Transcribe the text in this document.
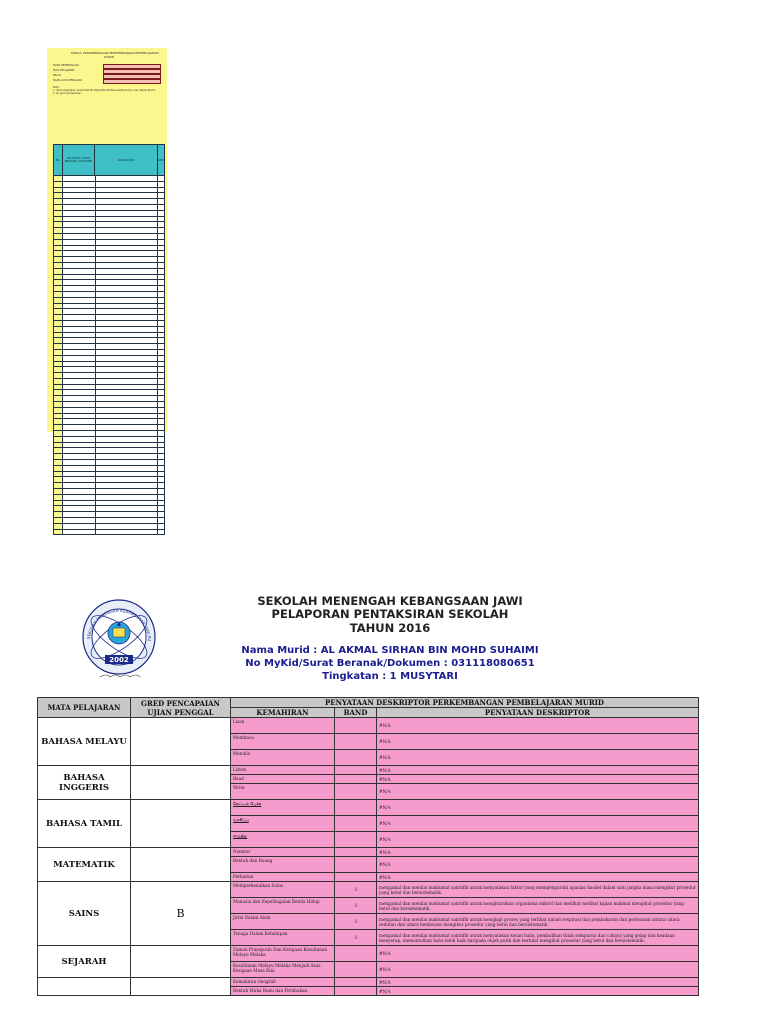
MODUL PERKEMBANGAN PERKEMBANGAN PEMBELAJARAN
MURID
NAMA PEPERIKSAAN
MATA PELAJARAN
KELAS
NAMA GURU PENGAJAR
Nota:
1. Sila lengkapkan maklumat No MyKid/Surat Beranak/Dokumen dan Nama Murid.
2. Isi gred pentaksiran.
BIL	NO MYKID / SURAT BERANAK / DOKUMEN	NAMA MURID	GRED
2002
SEKOLAH MENENGAH KEBANGSAAN JAWI PU
SEKOLAH MENENGAH KEBANGSAAN JAWI
PELAPORAN PENTAKSIRAN SEKOLAH
TAHUN 2016
Nama Murid : AL AKMAL SIRHAN BIN MOHD SUHAIMI
No MyKid/Surat Beranak/Dokumen : 031118080651
Tingkatan : 1 MUSYTARI
MATA PELAJARAN	GRED PENCAPAIAN UJIAN PENGGAL	PENYATAAN DESKRIPTOR PERKEMBANGAN PEMBELAJARAN MURID		
		KEMAHIRAN	BAND	PENYATAAN DESKRIPTOR
BAHASA MELAYU		Lisan		#N/A
		Membaca		#N/A
		Menulis		#N/A
BAHASA INGGERIS		Listen		#N/A
		Read		#N/A
		Write		#N/A
BAHASA TAMIL		கேட்டல் பேச்சு		#N/A
		வாசிப்பு		#N/A
		எழுத்து		#N/A
MATEMATIK		Nombor		#N/A
		Bentuk dan Ruang		#N/A
		Perkaitan		#N/A
SAINS	B	Memperkenalkan Sains	3	mengamal dan menilai maklumat saintifik untuk menyatakan faktor yang mempengaruhi apasian hasilel dalam satu jangka masa mengikut prosedur yang betul dan bersistematik.
		Manusia dan Kepelbagaian Benda Hidup	3	mengamal dan menilai maklumat saintifik untuk menghuraikan organisma mikrof dan meilihat melihat kajian makmal mengikut prosedur yang betul dan bersistematik.
		Jirim Dalam Alam	3	mengamal dan menilai maklumat saintifik untuk mengkaji proses yang terlibat dalam respirasi dan pembakaran dan perbezaan antara udara sedutan dan udara hembusan mengikut prosedur yang betul dan bersistematik.
		Tenaga Dalam Kehidupan	3	mengamal dan menilai maklumat saintifik untuk menyatakan kesan haba, pembalikan tidak sempurna dan cahaya yang gelap dan keadaan menyerap, memantulkan haba lebih baik daripada objek putih dan berkilat mengikut prosedur yang betul dan bersistematik.
SEJARAH		Zaman Prasejarah Dan Kerajaan Kesultanan Melayu Melaka		#N/A
		Kesultanan Melayu Melaka Menjadi Asas Kerajaan Masa Kini		#N/A
		Kemahiran Geografi		#N/A
		Bentuk Muka Bumi dan Perubahan		#N/A
